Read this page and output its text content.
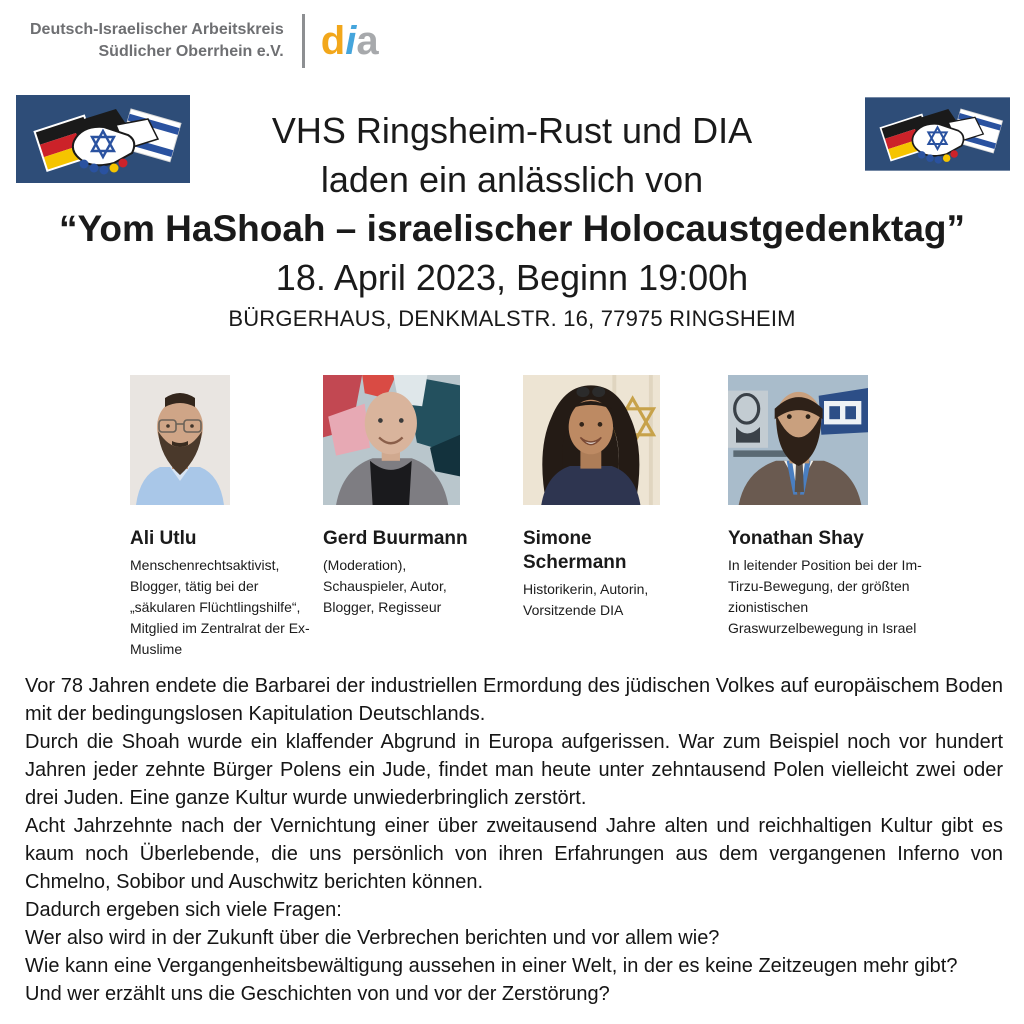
Deutsch-Israelischer Arbeitskreis
Südlicher Oberrhein e.V. dia
VHS Ringsheim-Rust und DIA
laden ein anlässlich von
“Yom HaShoah – israelischer Holocaustgedenktag”
18. April 2023, Beginn 19:00h
BÜRGERHAUS, DENKMALSTR. 16, 77975 RINGSHEIM
Ali Utlu
Menschenrechtsaktivist, Blogger, tätig bei der „säkularen Flüchtlingshilfe“, Mitglied im Zentralrat der Ex-Muslime
Gerd Buurmann
(Moderation), Schauspieler, Autor, Blogger, Regisseur
Simone Schermann
Historikerin, Autorin, Vorsitzende DIA
Yonathan Shay
In leitender Position bei der Im-Tirzu-Bewegung, der größten zionistischen Graswurzelbewegung in Israel
Vor 78 Jahren endete die Barbarei der industriellen Ermordung des jüdischen Volkes auf europäischem Boden mit der bedingungslosen Kapitulation Deutschlands.
Durch die Shoah wurde ein klaffender Abgrund in Europa aufgerissen. War zum Beispiel noch vor hundert Jahren jeder zehnte Bürger Polens ein Jude, findet man heute unter zehntausend Polen vielleicht zwei oder drei Juden. Eine ganze Kultur wurde unwiederbringlich zerstört.
Acht Jahrzehnte nach der Vernichtung einer über zweitausend Jahre alten und reichhaltigen Kultur gibt es kaum noch Überlebende, die uns persönlich von ihren Erfahrungen aus dem vergangenen Inferno von Chmelno, Sobibor und Auschwitz berichten können.
Dadurch ergeben sich viele Fragen:
Wer also wird in der Zukunft über die Verbrechen berichten und vor allem wie?
Wie kann eine Vergangenheitsbewältigung aussehen in einer Welt, in der es keine Zeitzeugen mehr gibt?
Und wer erzählt uns die Geschichten von und vor der Zerstörung?
